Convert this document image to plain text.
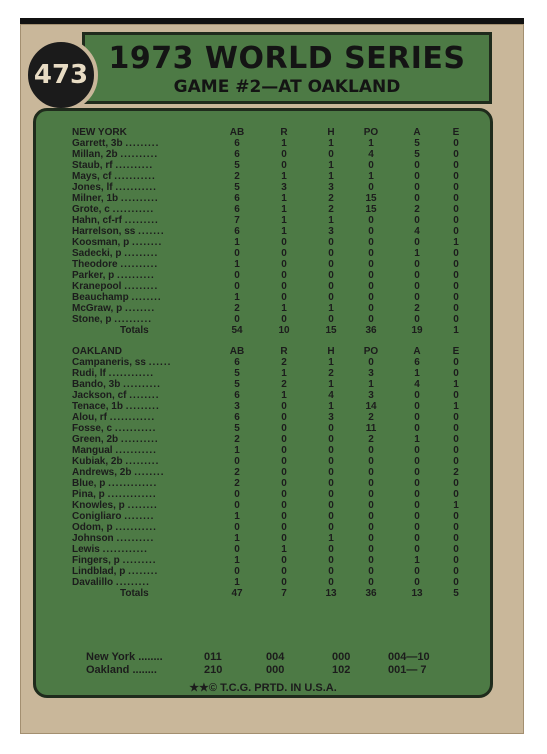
1973 WORLD SERIES
GAME #2—AT OAKLAND
473
NEW YORK	AB	R	H	PO	A	E
Garrett, 3b .........	6	1	1	1	5	0
Millan, 2b ..........	6	0	0	4	5	0
Staub, rf ..........	5	0	1	0	0	0
Mays, cf ...........	2	1	1	1	0	0
Jones, lf ...........	5	3	3	0	0	0
Milner, 1b ..........	6	1	2	15	0	0
Grote, c ...........	6	1	2	15	2	0
Hahn, cf-rf .........	7	1	1	0	0	0
Harrelson, ss .......	6	1	3	0	4	0
Koosman, p ........	1	0	0	0	0	1
Sadecki, p .........	0	0	0	0	1	0
Theodore ..........	1	0	0	0	0	0
Parker, p ..........	0	0	0	0	0	0
Kranepool .........	0	0	0	0	0	0
Beauchamp ........	1	0	0	0	0	0
McGraw, p ........	2	1	1	0	2	0
Stone, p ..........	0	0	0	0	0	0
Totals	54	10	15	36	19	1
OAKLAND	AB	R	H	PO	A	E
Campaneris, ss ......	6	2	1	0	6	0
Rudi, lf ............	5	1	2	3	1	0
Bando, 3b ..........	5	2	1	1	4	1
Jackson, cf ........	6	1	4	3	0	0
Tenace, 1b .........	3	0	1	14	0	1
Alou, rf ............	6	0	3	2	0	0
Fosse, c ...........	5	0	0	11	0	0
Green, 2b ..........	2	0	0	2	1	0
Mangual ...........	1	0	0	0	0	0
Kubiak, 2b .........	0	0	0	0	0	0
Andrews, 2b ........	2	0	0	0	0	2
Blue, p .............	2	0	0	0	0	0
Pina, p .............	0	0	0	0	0	0
Knowles, p ........	0	0	0	0	0	1
Conigliaro ........	1	0	0	0	0	0
Odom, p ...........	0	0	0	0	0	0
Johnson ..........	1	0	1	0	0	0
Lewis ............	0	1	0	0	0	0
Fingers, p .........	1	0	0	0	1	0
Lindblad, p ........	0	0	0	0	0	0
Davalillo .........	1	0	0	0	0	0
Totals	47	7	13	36	13	5
New York ........	011	004	000	004—10
Oakland ........	210	000	102	001— 7
★★© T.C.G. PRTD. IN U.S.A.
